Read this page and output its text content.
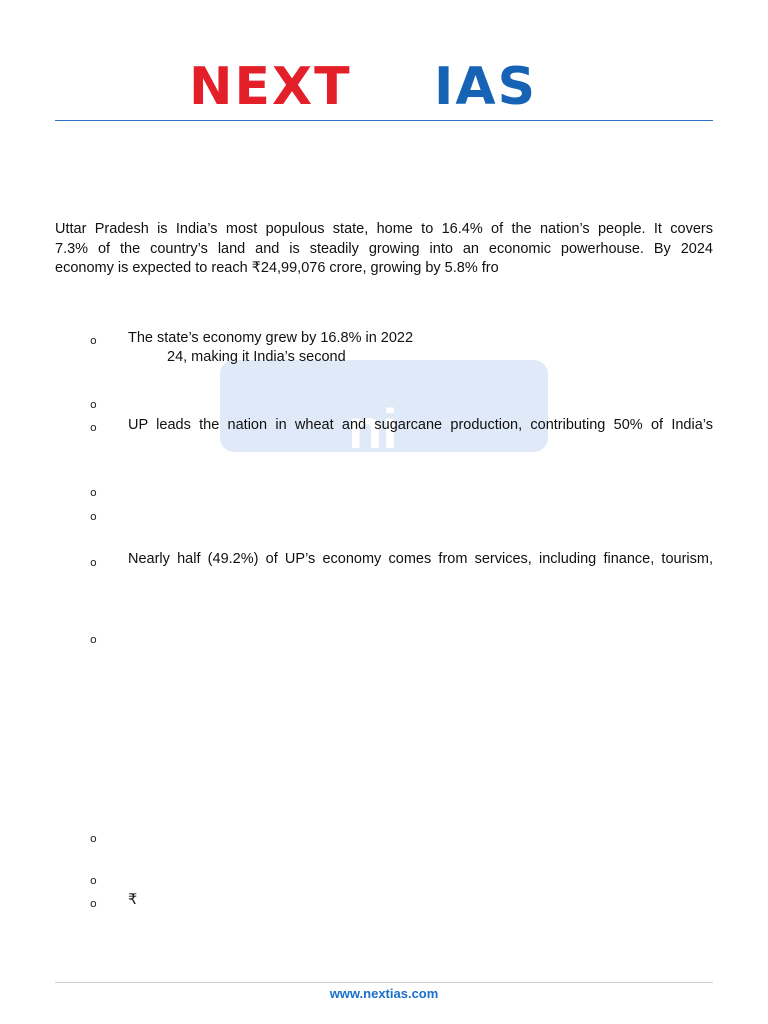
NEXT IAS
ni
Uttar Pradesh is India’s most populous state, home to 16.4% of the nation’s people. It covers
7.3% of the country’s land and is steadily growing into an economic powerhouse. By 2024
economy is expected to reach ₹24,99,076 crore, growing by 5.8% fro
o The state’s economy grew by 16.8% in 2022
24, making it India’s second
o
o UP leads the nation in wheat and sugarcane production, contributing 50% of India’s
o
o
o Nearly half (49.2%) of UP’s economy comes from services, including finance, tourism,
o
o
o
o ₹
www.nextias.com
